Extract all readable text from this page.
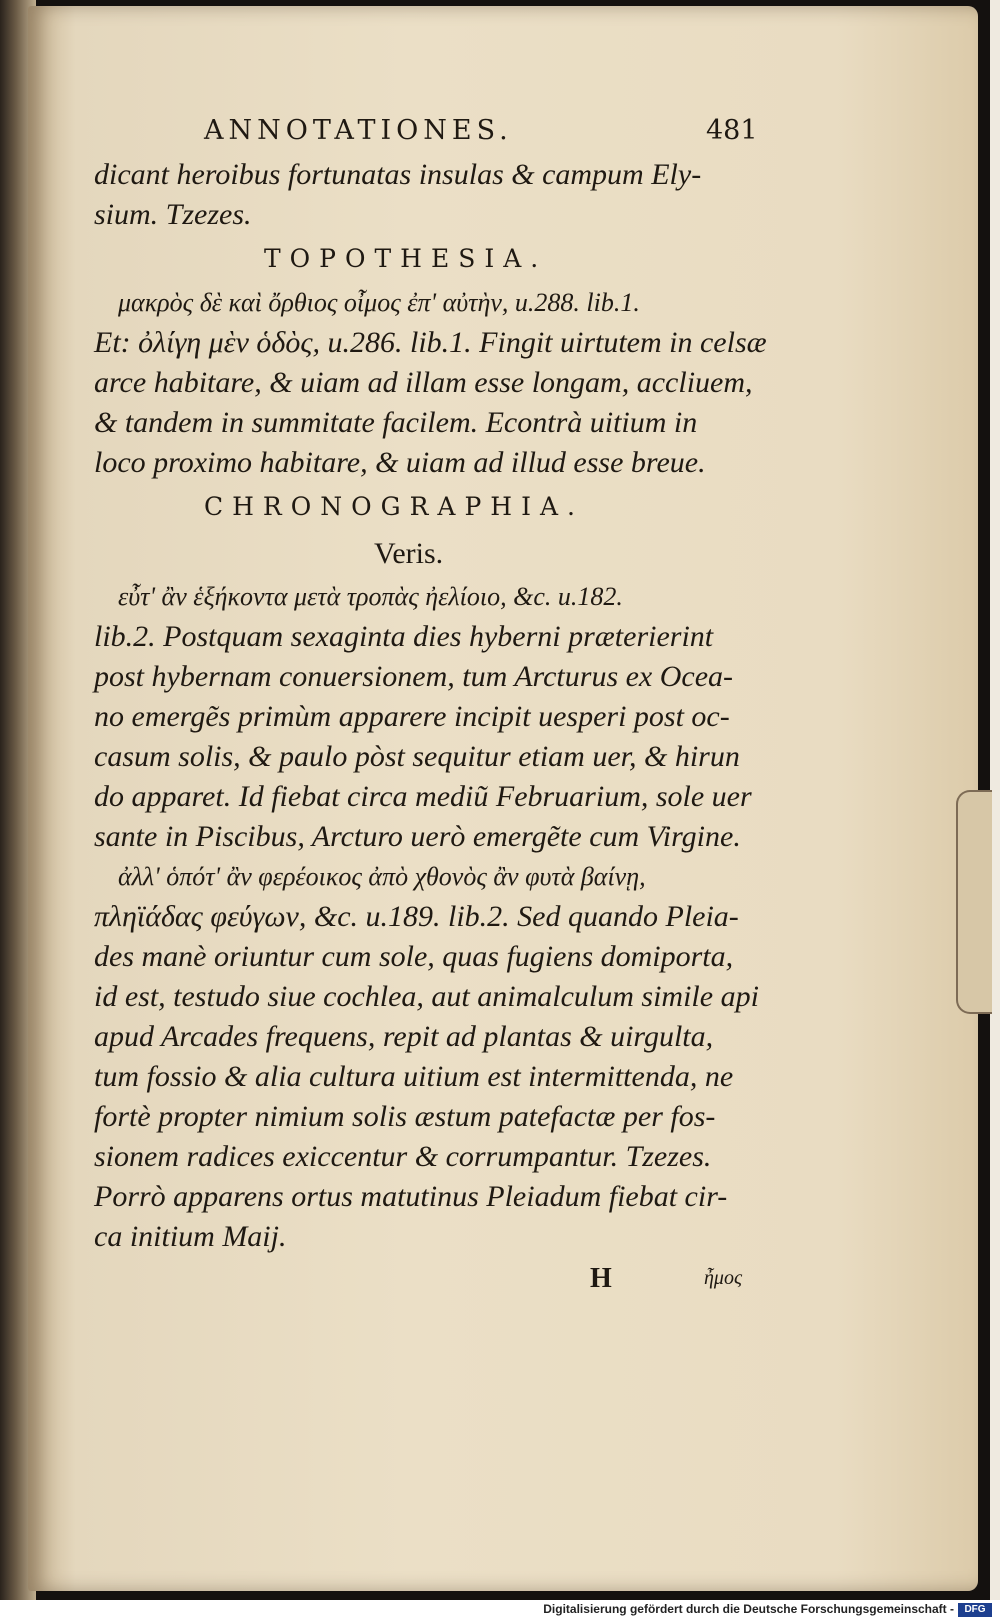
ANNOTATIONES.	481
dicant heroibus fortunatas insulas & campum Ely-
sium. Tzezes.
TOPOTHESIA.
μακρὸς δὲ καὶ ὄρθιος οἶμος ἐπ' αὐτὴν, u.288. lib.1.
Et: ὀλίγη μὲν ὁδὸς, u.286. lib.1. Fingit uirtutem in celsæ
arce habitare, & uiam ad illam esse longam, accliuem,
& tandem in summitate facilem. Econtrà uitium in
loco proximo habitare, & uiam ad illud esse breue.
CHRONOGRAPHIA.
Veris.
εὖτ' ἂν ἑξήκοντα μετὰ τροπὰς ἠελίοιο, &c. u.182.
lib.2. Postquam sexaginta dies hyberni præterierint
post hybernam conuersionem, tum Arcturus ex Ocea-
no emergẽs primùm apparere incipit uesperi post oc-
casum solis, & paulo pòst sequitur etiam uer, & hirun
do apparet. Id fiebat circa mediũ Februarium, sole uer
sante in Piscibus, Arcturo uerò emergẽte cum Virgine.
ἀλλ' ὁπότ' ἂν φερέοικος ἀπὸ χθονὸς ἂν φυτὰ βαίνῃ,
πληϊάδας φεύγων, &c. u.189. lib.2. Sed quando Pleia-
des manè oriuntur cum sole, quas fugiens domiporta,
id est, testudo siue cochlea, aut animalculum simile api
apud Arcades frequens, repit ad plantas & uirgulta,
tum fossio & alia cultura uitium est intermittenda, ne
fortè propter nimium solis æstum patefactæ per fos-
sionem radices exiccentur & corrumpantur. Tzezes.
Porrò apparens ortus matutinus Pleiadum fiebat cir-
ca initium Maij.
H	ἦμος
Digitalisierung gefördert durch die Deutsche Forschungsgemeinschaft -	DFG
